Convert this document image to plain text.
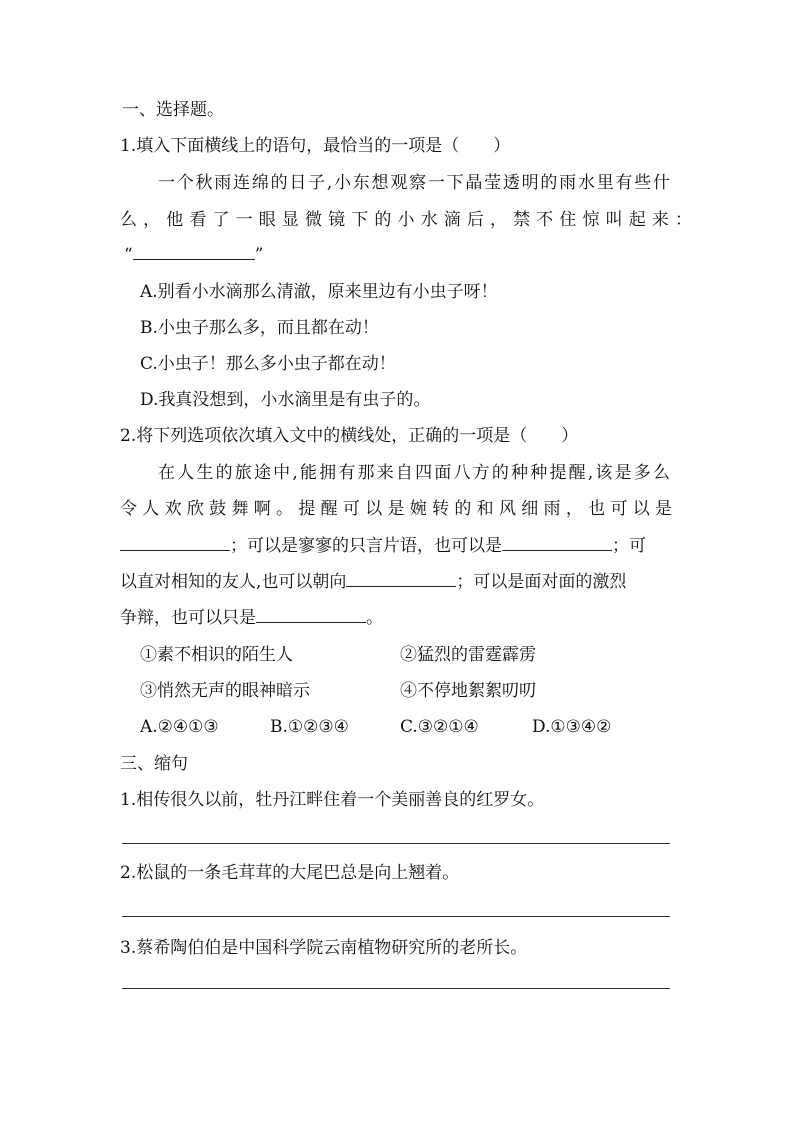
一、选择题。
1.填入下面横线上的语句，最恰当的一项是（　　）
一个秋雨连绵的日子,小东想观察一下晶莹透明的雨水里有些什
么，他看了一眼显微镜下的小水滴后，禁不住惊叫起来：
“	”
A.别看小水滴那么清澈，原来里边有小虫子呀！
B.小虫子那么多，而且都在动！
C.小虫子！那么多小虫子都在动！
D.我真没想到，小水滴里是有虫子的。
2.将下列选项依次填入文中的横线处，正确的一项是（　　）
在人生的旅途中,能拥有那来自四面八方的种种提醒,该是多么
令人欢欣鼓舞啊。提醒可以是婉转的和风细雨，也可以是
；可以是寥寥的只言片语，也可以是	；可
以直对相知的友人,也可以朝向	；可以是面对面的激烈
争辩，也可以只是	。
①素不相识的陌生人	②猛烈的雷霆霹雳
③悄然无声的眼神暗示	④不停地絮絮叨叨
A.②④①③	B.①②③④	C.③②①④	D.①③④②
三、缩句
1.相传很久以前，牡丹江畔住着一个美丽善良的红罗女。
2.松鼠的一条毛茸茸的大尾巴总是向上翘着。
3.蔡希陶伯伯是中国科学院云南植物研究所的老所长。
